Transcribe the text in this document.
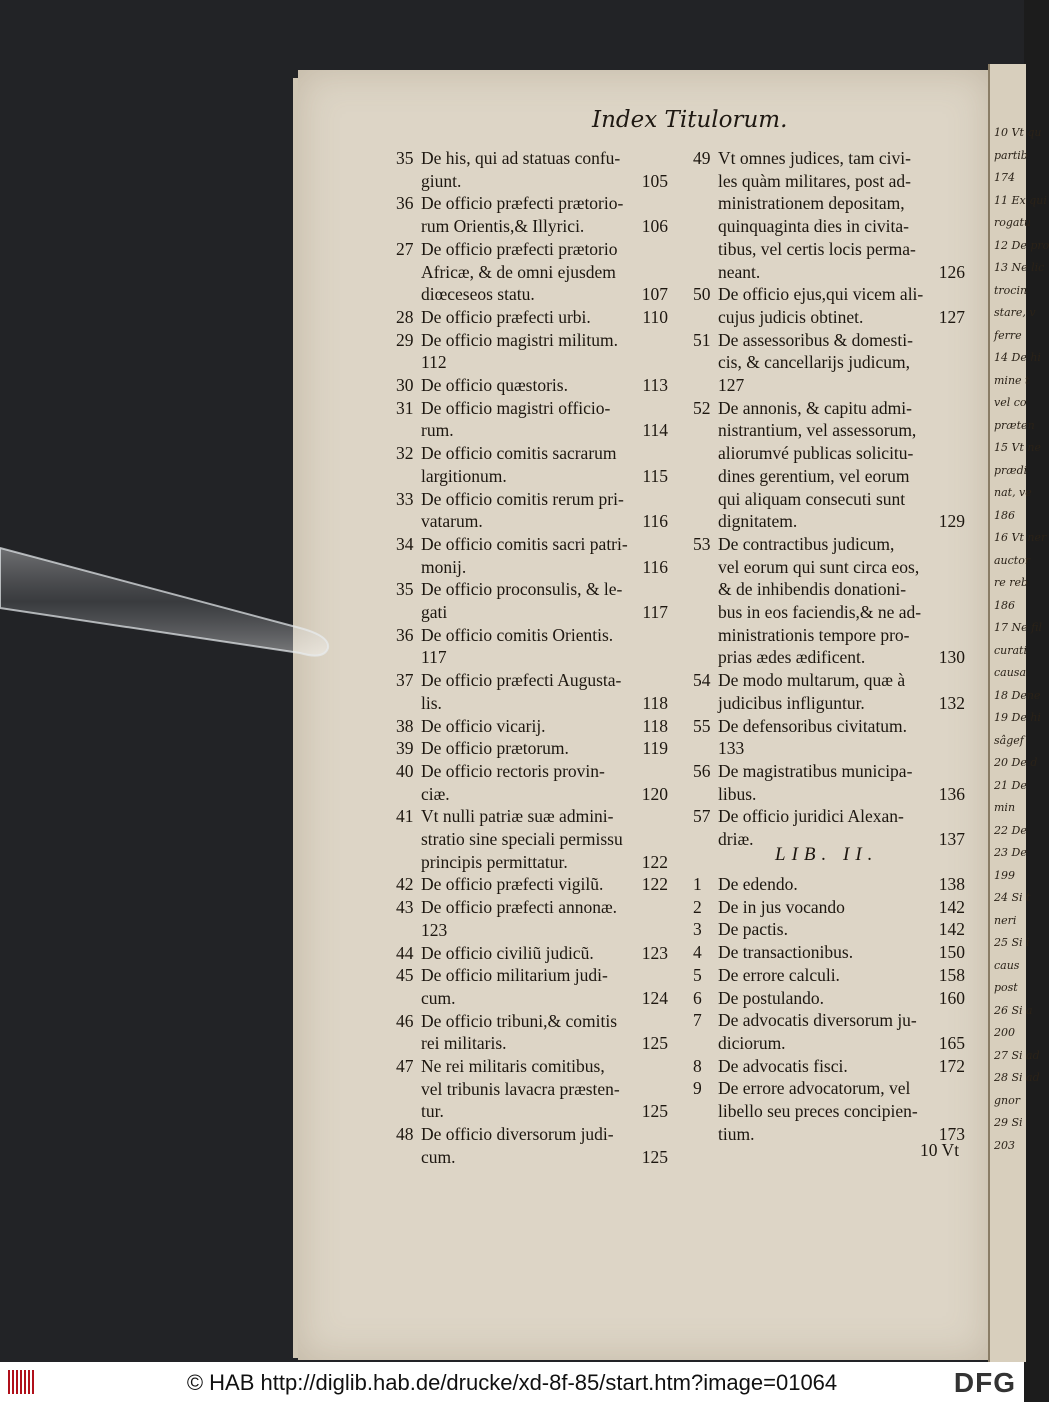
10 Vt qu
partib
174
11 Ex qui
rogatu
12 De pro
13 Ne lic
trocin
stare, v
ferre
14 De hi
mine t
vel co
præten
15 Vt ne
prædi
nat, ve
186
16 Vt ner
auctor
re reb
186
17 Ne fil
curati
causa
18 Dene
19 De hi
sâgef
20 De d
21 De
min
22 De
23 De
199
24 Si t
neri
25 Si i
caus
post
26 Si a
200
27 Si ad
28 Si ad
gnor
29 Si
203
Index Titulorum.
35 De his, qui ad statuas confu-
giunt.	105
36 De officio præfecti prætorio-
rum Orientis,& Illyrici.	106
27 De officio præfecti prætorio
Africæ, & de omni ejusdem
diœceseos statu.	107
28 De officio præfecti urbi.	110
29 De officio magistri militum.
112
30 De officio quæstoris.	113
31 De officio magistri officio-
rum.	114
32 De officio comitis sacrarum
largitionum.	115
33 De officio comitis rerum pri-
vatarum.	116
34 De officio comitis sacri patri-
monij.	116
35 De officio proconsulis, & le-
gati	117
36 De officio comitis Orientis.
117
37 De officio præfecti Augusta-
lis.	118
38 De officio vicarij.	118
39 De officio prætorum.	119
40 De officio rectoris provin-
ciæ.	120
41 Vt nulli patriæ suæ admini-
stratio sine speciali permissu
principis permittatur.	122
42 De officio præfecti vigilũ.	122
43 De officio præfecti annonæ.
123
44 De officio civiliũ judicũ.	123
45 De officio militarium judi-
cum.	124
46 De officio tribuni,& comitis
rei militaris.	125
47 Ne rei militaris comitibus,
vel tribunis lavacra præsten-
tur.	125
48 De officio diversorum judi-
cum.	125
49 Vt omnes judices, tam civi-
les quàm militares, post ad-
ministrationem depositam,
quinquaginta dies in civita-
tibus, vel certis locis perma-
neant.	126
50 De officio ejus,qui vicem ali-
cujus judicis obtinet.	127
51 De assessoribus & domesti-
cis, & cancellarijs judicum,
127
52 De annonis, & capitu admi-
nistrantium, vel assessorum,
aliorumvé publicas solicitu-
dines gerentium, vel eorum
qui aliquam consecuti sunt
dignitatem.	129
53 De contractibus judicum,
vel eorum qui sunt circa eos,
& de inhibendis donationi-
bus in eos faciendis,& ne ad-
ministrationis tempore pro-
prias ædes ædificent.	130
54 De modo multarum, quæ à
judicibus infliguntur.	132
55 De defensoribus civitatum.
133
56 De magistratibus municipa-
libus.	136
57 De officio juridici Alexan-
driæ.	137
LIB. II.
1 De edendo.	138
2 De in jus vocando	142
3 De pactis.	142
4 De transactionibus.	150
5 De errore calculi.	158
6 De postulando.	160
7 De advocatis diversorum ju-
diciorum.	165
8 De advocatis fisci.	172
9 De errore advocatorum, vel
libello seu preces concipien-
tium.	173
10 Vt
© HAB http://diglib.hab.de/drucke/xd-8f-85/start.htm?image=01064	DFG
